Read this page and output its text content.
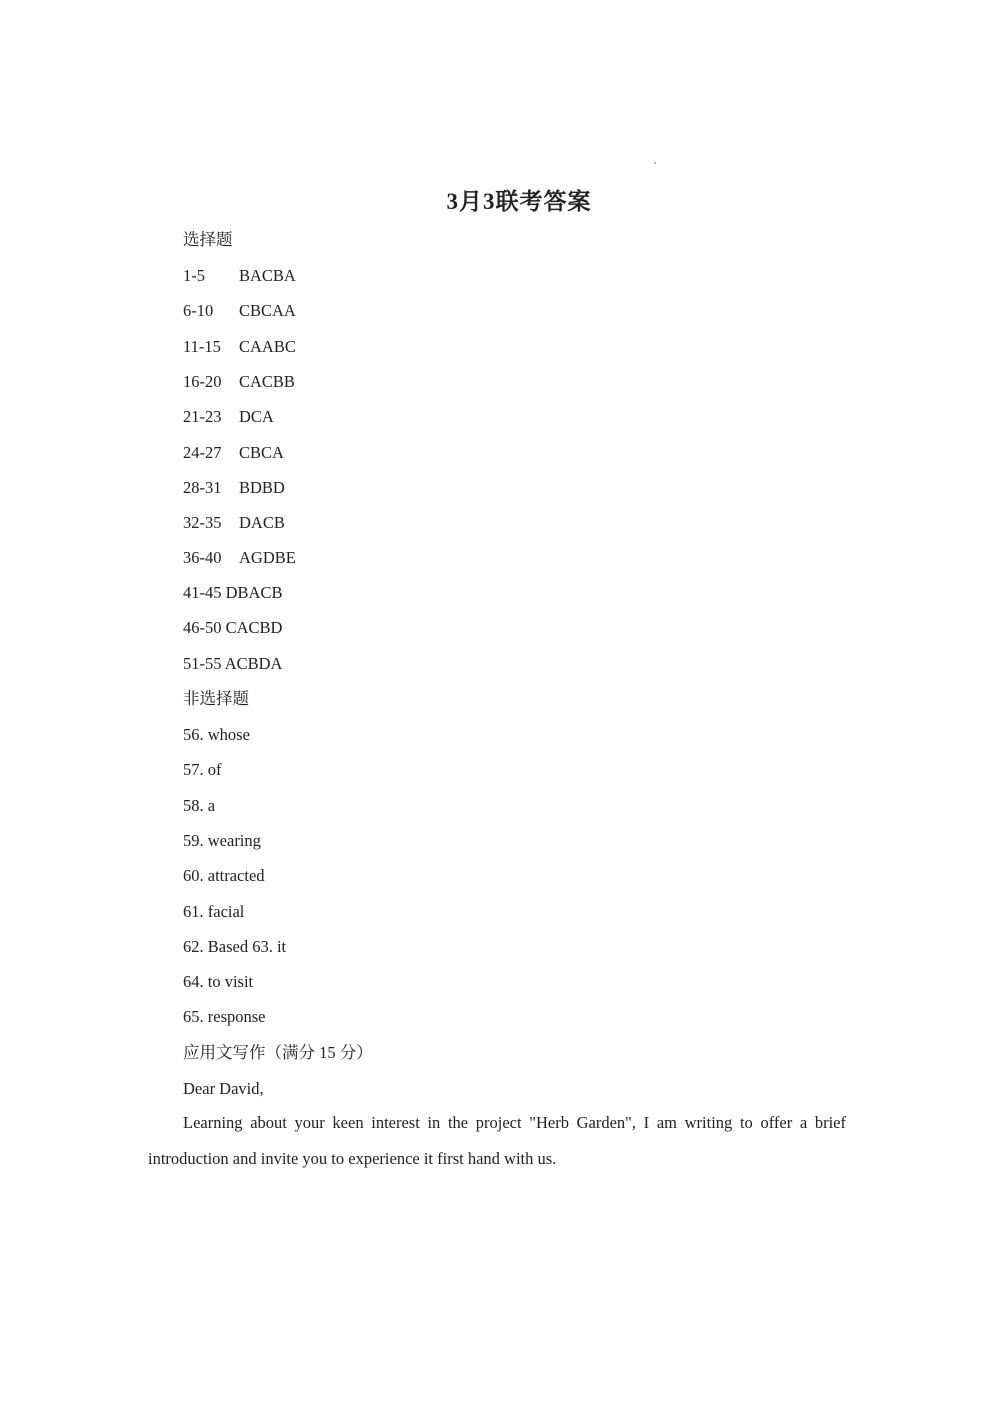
3月3联考答案
选择题
1-5 BACBA
6-10 CBCAA
11-15 CAABC
16-20 CACBB
21-23 DCA
24-27 CBCA
28-31 BDBD
32-35 DACB
36-40 AGDBE
41-45 DBACB
46-50 CACBD
51-55 ACBDA
非选择题
56. whose
57. of
58. a
59. wearing
60. attracted
61. facial
62. Based 63. it
64. to visit
65. response
应用文写作（满分 15 分）
Dear David,
Learning about your keen interest in the project "Herb Garden", I am writing to offer a brief introduction and invite you to experience it first hand with us.
